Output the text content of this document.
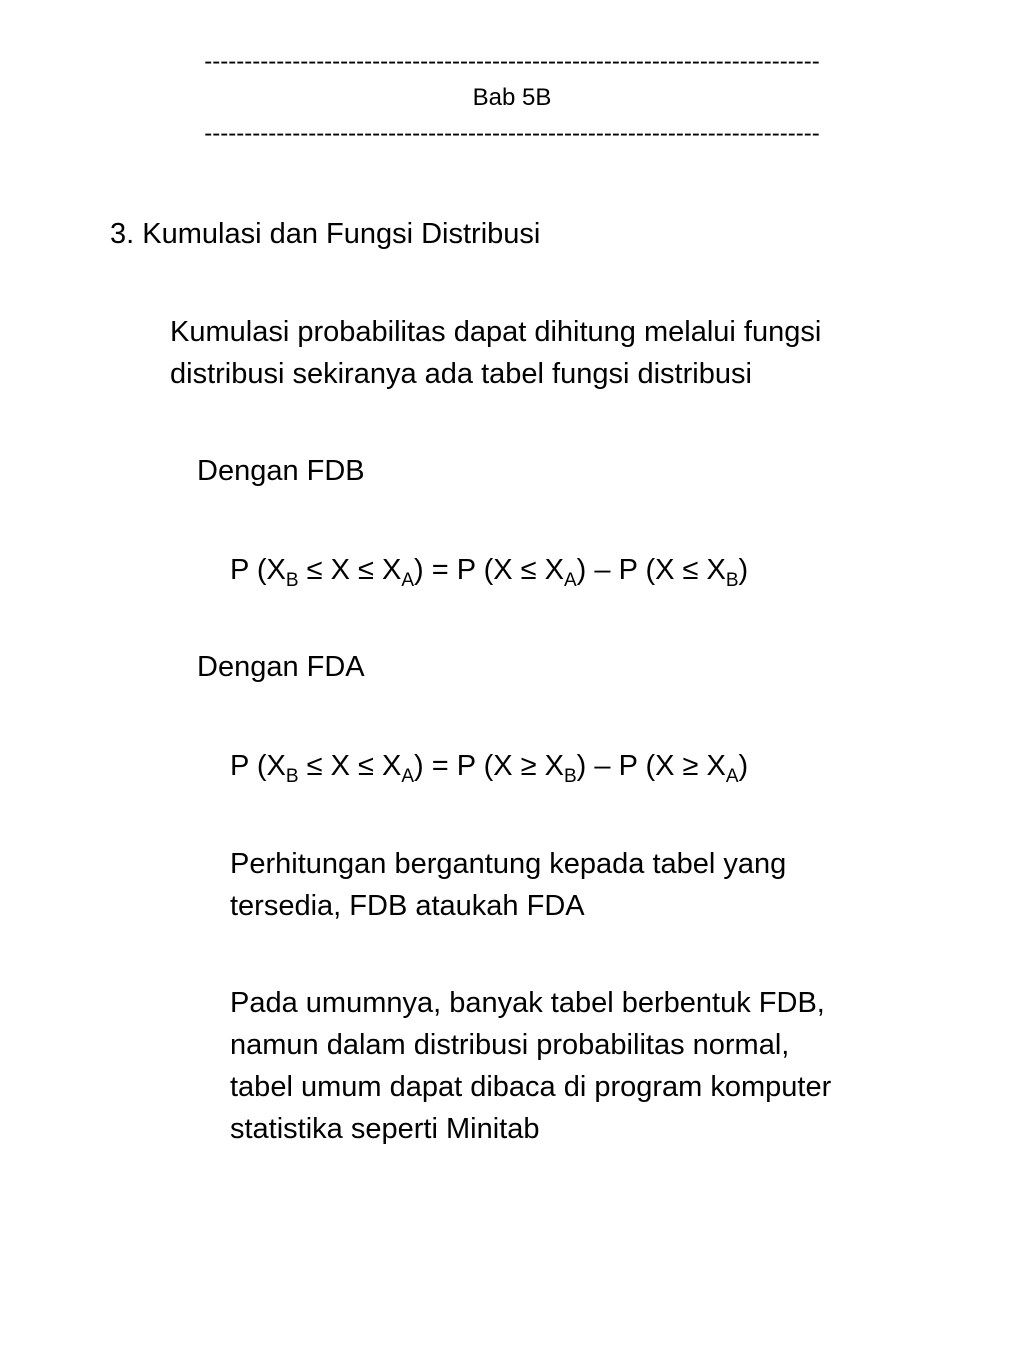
-----------------------------------------------------------------------------
Bab 5B
-----------------------------------------------------------------------------
3. Kumulasi dan Fungsi Distribusi
Kumulasi probabilitas dapat dihitung melalui fungsi
distribusi sekiranya ada tabel fungsi distribusi
Dengan FDB
P $(X_B \le X \le X_A) = P$ $(X \le X_A) - P$ $(X \le X_B)$
Dengan FDA
P $(X_B \le X \le X_A) = P$ $(X \ge X_B) - P$ $(X \ge X_A)$
Perhitungan bergantung kepada tabel yang
tersedia, FDB ataukah FDA
Pada umumnya, banyak tabel berbentuk FDB,
namun dalam distribusi probabilitas normal,
tabel umum dapat dibaca di program komputer
statistika seperti Minitab
